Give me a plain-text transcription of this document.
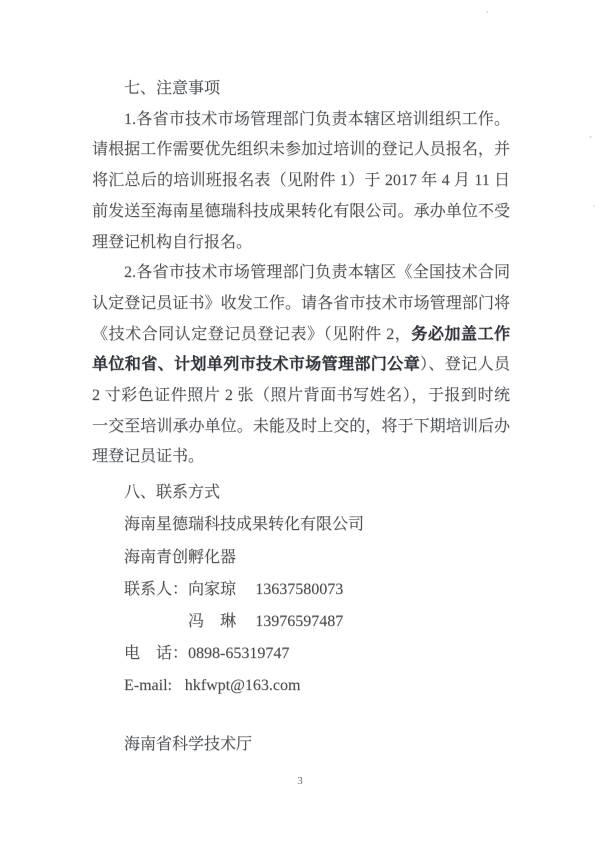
七、注意事项
1.各省市技术市场管理部门负责本辖区培训组织工作。
请根据工作需要优先组织未参加过培训的登记人员报名，并
将汇总后的培训班报名表（见附件 1）于 2017 年 4 月 11 日
前发送至海南星德瑞科技成果转化有限公司。承办单位不受
理登记机构自行报名。
2.各省市技术市场管理部门负责本辖区《全国技术合同
认定登记员证书》收发工作。请各省市技术市场管理部门将
《技术合同认定登记员登记表》（见附件 2，务必加盖工作
单位和省、计划单列市技术市场管理部门公章）、登记人员
2 寸彩色证件照片 2 张（照片背面书写姓名），于报到时统
一交至培训承办单位。未能及时上交的，将于下期培训后办
理登记员证书。
八、联系方式
海南星德瑞科技成果转化有限公司
海南青创孵化器
联系人：向家琼 13637580073
冯　琳 13976597487
电　话：0898-65319747
E-mail: hkfwpt@163.com
海南省科学技术厅
3
